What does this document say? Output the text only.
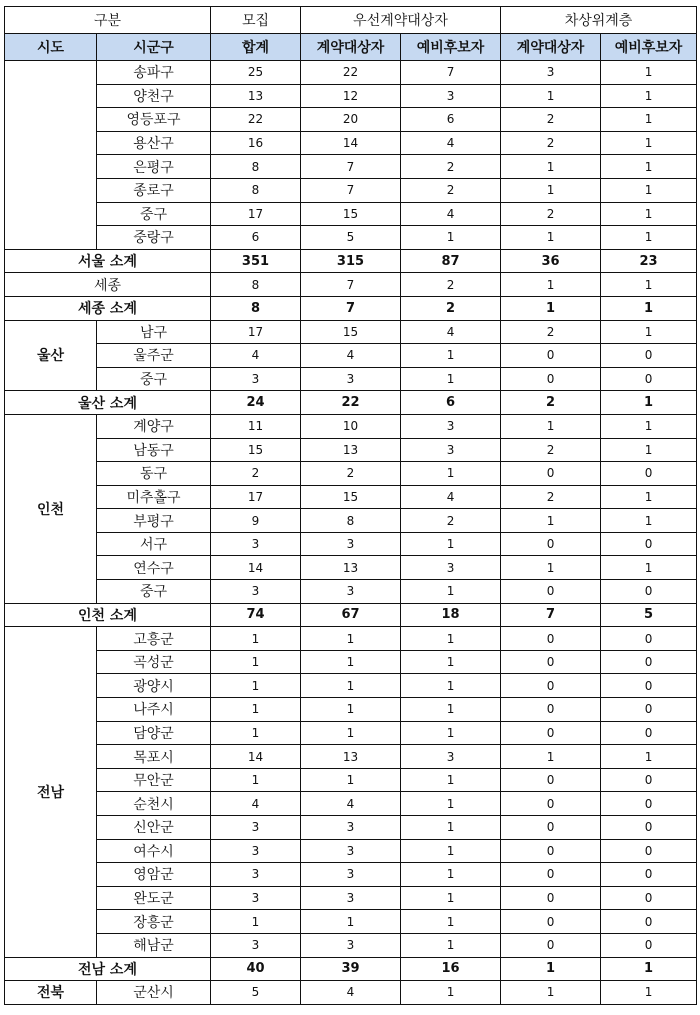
구분		모집	우선계약대상자		차상위계층	
시도	시군구	합계	계약대상자	예비후보자	계약대상자	예비후보자
	송파구	25	22	7	3	1
	양천구	13	12	3	1	1
	영등포구	22	20	6	2	1
	용산구	16	14	4	2	1
	은평구	8	7	2	1	1
	종로구	8	7	2	1	1
	중구	17	15	4	2	1
	중랑구	6	5	1	1	1
서울 소계		351	315	87	36	23
세종		8	7	2	1	1
세종 소계		8	7	2	1	1
울산	남구	17	15	4	2	1
	울주군	4	4	1	0	0
	중구	3	3	1	0	0
울산 소계		24	22	6	2	1
인천	계양구	11	10	3	1	1
	남동구	15	13	3	2	1
	동구	2	2	1	0	0
	미추홀구	17	15	4	2	1
	부평구	9	8	2	1	1
	서구	3	3	1	0	0
	연수구	14	13	3	1	1
	중구	3	3	1	0	0
인천 소계		74	67	18	7	5
전남	고흥군	1	1	1	0	0
	곡성군	1	1	1	0	0
	광양시	1	1	1	0	0
	나주시	1	1	1	0	0
	담양군	1	1	1	0	0
	목포시	14	13	3	1	1
	무안군	1	1	1	0	0
	순천시	4	4	1	0	0
	신안군	3	3	1	0	0
	여수시	3	3	1	0	0
	영암군	3	3	1	0	0
	완도군	3	3	1	0	0
	장흥군	1	1	1	0	0
	해남군	3	3	1	0	0
전남 소계		40	39	16	1	1
전북	군산시	5	4	1	1	1
